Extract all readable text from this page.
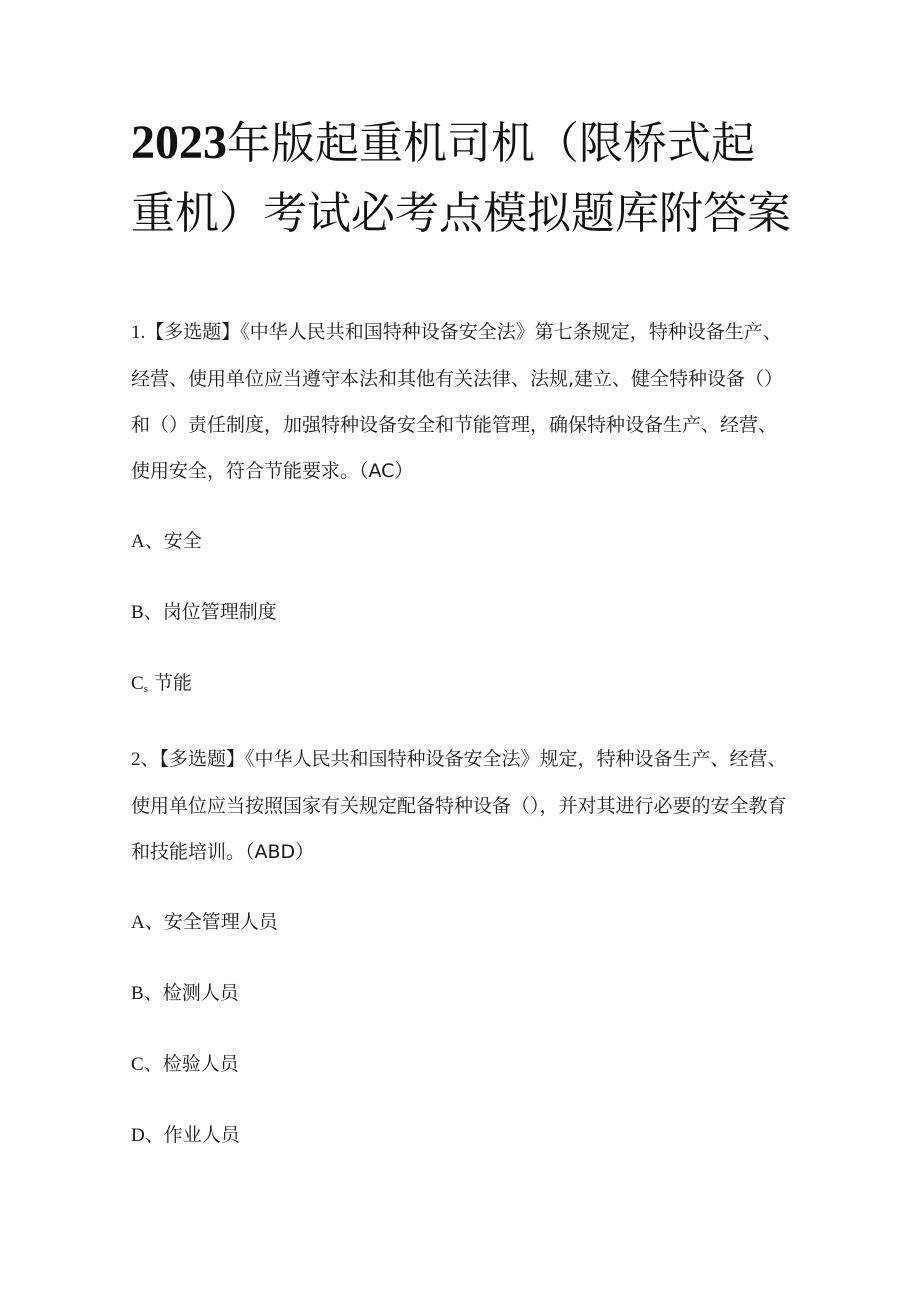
2023年版起重机司机（限桥式起重机）考试必考点模拟题库附答案

1.【多选题】《中华人民共和国特种设备安全法》第七条规定，特种设备生产、经营、使用单位应当遵守本法和其他有关法律、法规,建立、健全特种设备（）和（）责任制度，加强特种设备安全和节能管理，确保特种设备生产、经营、使用安全，符合节能要求。（AC）

A、安全

B、岗位管理制度

Cs 节能

2、【多选题】《中华人民共和国特种设备安全法》规定，特种设备生产、经营、使用单位应当按照国家有关规定配备特种设备（），并对其进行必要的安全教育和技能培训。（ABD）

A、安全管理人员

B、检测人员

C、检验人员

D、作业人员
